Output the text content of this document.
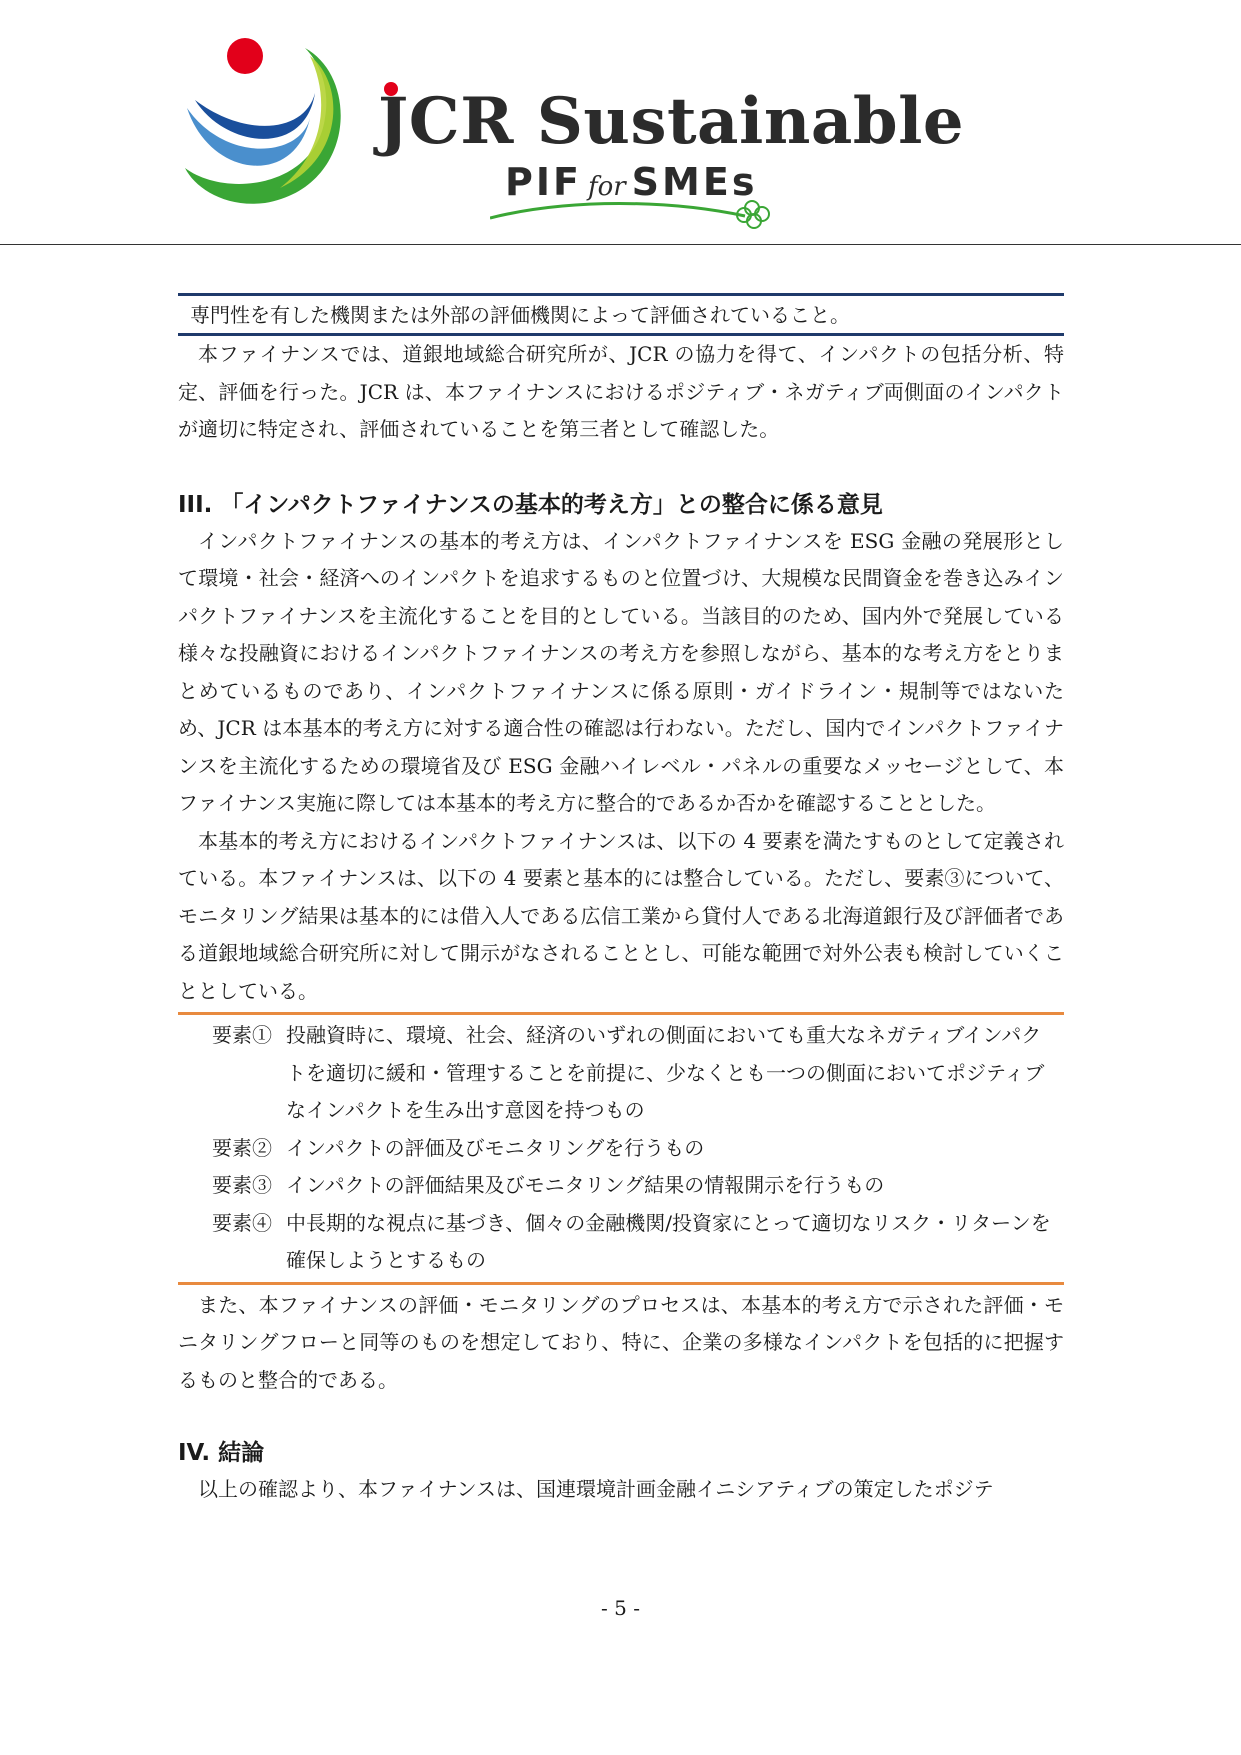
JCR Sustainable
PIF for SMEs
専門性を有した機関または外部の評価機関によって評価されていること。

本ファイナンスでは、道銀地域総合研究所が、JCR の協力を得て、インパクトの包括分析、特定、評価を行った。JCR は、本ファイナンスにおけるポジティブ・ネガティブ両側面のインパクトが適切に特定され、評価されていることを第三者として確認した。

III. 「インパクトファイナンスの基本的考え方」との整合に係る意見

インパクトファイナンスの基本的考え方は、インパクトファイナンスを ESG 金融の発展形として環境・社会・経済へのインパクトを追求するものと位置づけ、大規模な民間資金を巻き込みインパクトファイナンスを主流化することを目的としている。当該目的のため、国内外で発展している様々な投融資におけるインパクトファイナンスの考え方を参照しながら、基本的な考え方をとりまとめているものであり、インパクトファイナンスに係る原則・ガイドライン・規制等ではないため、JCR は本基本的考え方に対する適合性の確認は行わない。ただし、国内でインパクトファイナンスを主流化するための環境省及び ESG 金融ハイレベル・パネルの重要なメッセージとして、本ファイナンス実施に際しては本基本的考え方に整合的であるか否かを確認することとした。

本基本的考え方におけるインパクトファイナンスは、以下の 4 要素を満たすものとして定義されている。本ファイナンスは、以下の 4 要素と基本的には整合している。ただし、要素③について、モニタリング結果は基本的には借入人である広信工業から貸付人である北海道銀行及び評価者である道銀地域総合研究所に対して開示がなされることとし、可能な範囲で対外公表も検討していくこととしている。

要素① 投融資時に、環境、社会、経済のいずれの側面においても重大なネガティブインパクトを適切に緩和・管理することを前提に、少なくとも一つの側面においてポジティブなインパクトを生み出す意図を持つもの
要素② インパクトの評価及びモニタリングを行うもの
要素③ インパクトの評価結果及びモニタリング結果の情報開示を行うもの
要素④ 中長期的な視点に基づき、個々の金融機関/投資家にとって適切なリスク・リターンを確保しようとするもの

また、本ファイナンスの評価・モニタリングのプロセスは、本基本的考え方で示された評価・モニタリングフローと同等のものを想定しており、特に、企業の多様なインパクトを包括的に把握するものと整合的である。

IV. 結論

以上の確認より、本ファイナンスは、国連環境計画金融イニシアティブの策定したポジテ

- 5 -
